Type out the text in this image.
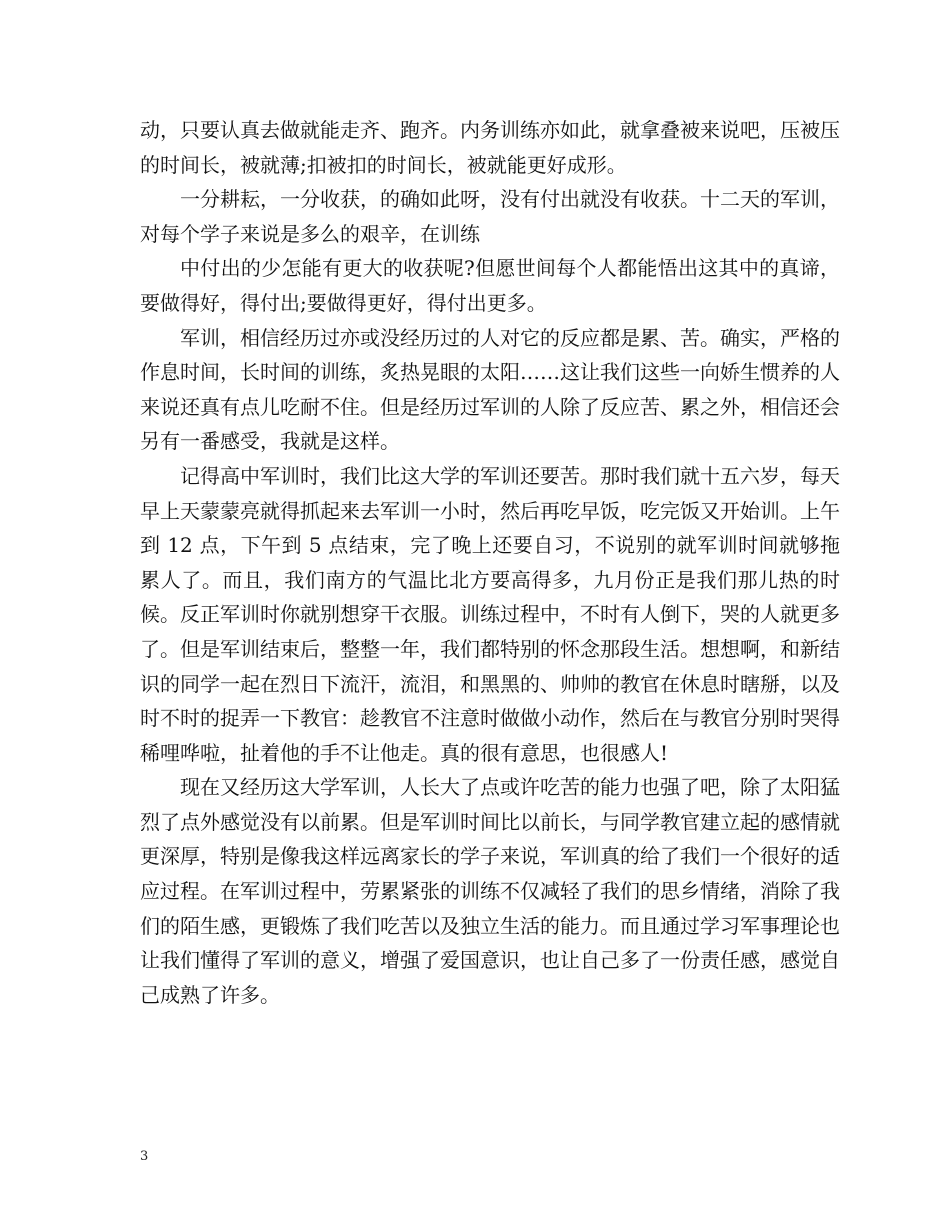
动，只要认真去做就能走齐、跑齐。内务训练亦如此，就拿叠被来说吧，压被压的时间长，被就薄;扣被扣的时间长，被就能更好成形。

一分耕耘，一分收获，的确如此呀，没有付出就没有收获。十二天的军训，对每个学子来说是多么的艰辛，在训练

中付出的少怎能有更大的收获呢?但愿世间每个人都能悟出这其中的真谛，要做得好，得付出;要做得更好，得付出更多。

军训，相信经历过亦或没经历过的人对它的反应都是累、苦。确实，严格的作息时间，长时间的训练，炙热晃眼的太阳……这让我们这些一向娇生惯养的人来说还真有点儿吃耐不住。但是经历过军训的人除了反应苦、累之外，相信还会另有一番感受，我就是这样。

记得高中军训时，我们比这大学的军训还要苦。那时我们就十五六岁，每天早上天蒙蒙亮就得抓起来去军训一小时，然后再吃早饭，吃完饭又开始训。上午到 12 点，下午到 5 点结束，完了晚上还要自习，不说别的就军训时间就够拖累人了。而且，我们南方的气温比北方要高得多，九月份正是我们那儿热的时候。反正军训时你就别想穿干衣服。训练过程中，不时有人倒下，哭的人就更多了。但是军训结束后，整整一年，我们都特别的怀念那段生活。想想啊，和新结识的同学一起在烈日下流汗，流泪，和黑黑的、帅帅的教官在休息时瞎掰，以及时不时的捉弄一下教官：趁教官不注意时做做小动作，然后在与教官分别时哭得稀哩哗啦，扯着他的手不让他走。真的很有意思，也很感人!

现在又经历这大学军训，人长大了点或许吃苦的能力也强了吧，除了太阳猛烈了点外感觉没有以前累。但是军训时间比以前长，与同学教官建立起的感情就更深厚，特别是像我这样远离家长的学子来说，军训真的给了我们一个很好的适应过程。在军训过程中，劳累紧张的训练不仅减轻了我们的思乡情绪，消除了我们的陌生感，更锻炼了我们吃苦以及独立生活的能力。而且通过学习军事理论也让我们懂得了军训的意义，增强了爱国意识，也让自己多了一份责任感，感觉自己成熟了许多。

3
